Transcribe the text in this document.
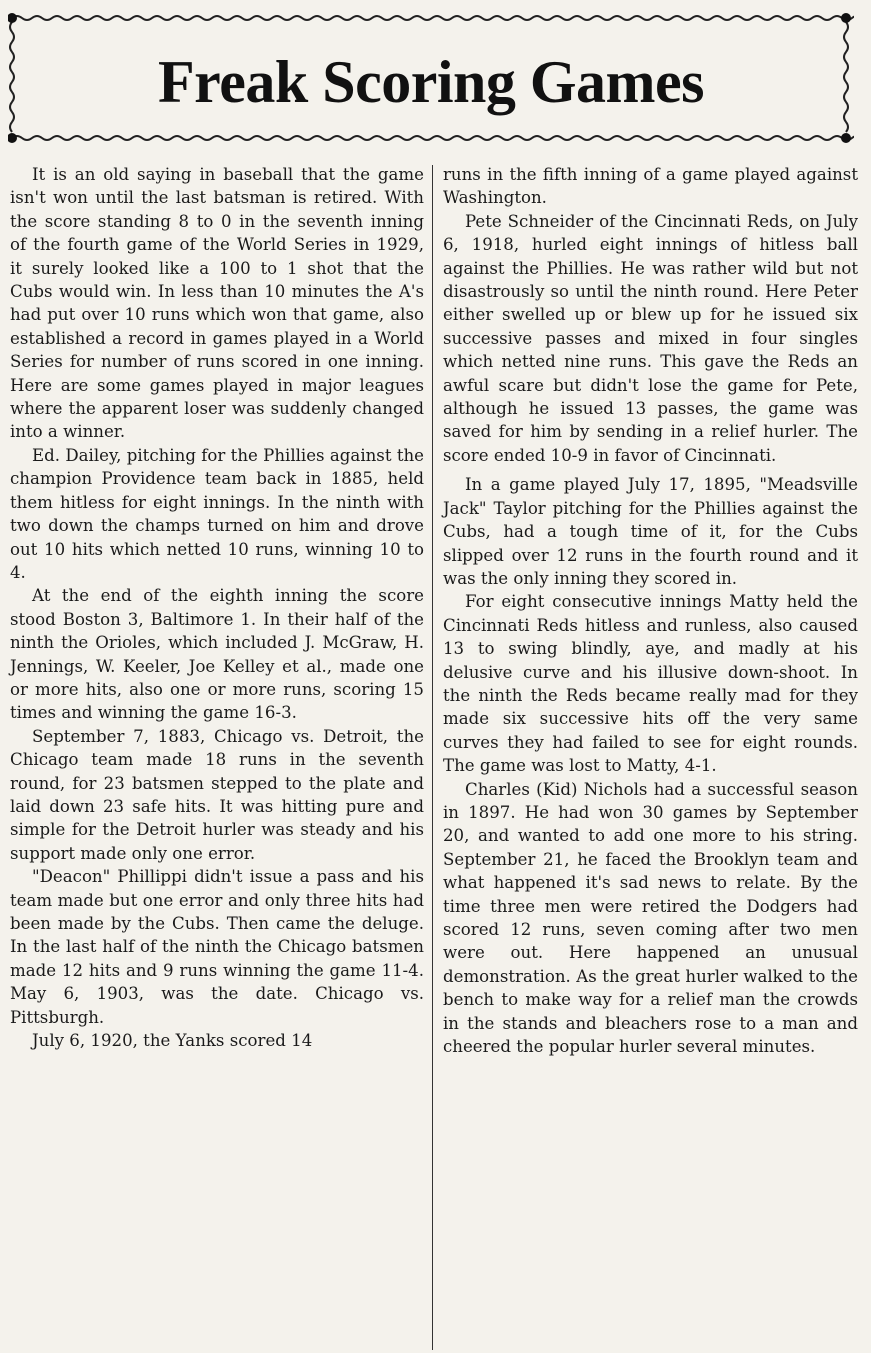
Freak Scoring Games

It is an old saying in baseball that the game isn't won until the last batsman is retired. With the score standing 8 to 0 in the seventh inning of the fourth game of the World Series in 1929, it surely looked like a 100 to 1 shot that the Cubs would win. In less than 10 minutes the A's had put over 10 runs which won that game, also established a record in games played in a World Series for number of runs scored in one inning. Here are some games played in major leagues where the apparent loser was suddenly changed into a winner.

Ed. Dailey, pitching for the Phillies against the champion Providence team back in 1885, held them hitless for eight innings. In the ninth with two down the champs turned on him and drove out 10 hits which netted 10 runs, winning 10 to 4.

At the end of the eighth inning the score stood Boston 3, Baltimore 1. In their half of the ninth the Orioles, which included J. McGraw, H. Jennings, W. Keeler, Joe Kelley et al., made one or more hits, also one or more runs, scoring 15 times and winning the game 16-3.

September 7, 1883, Chicago vs. Detroit, the Chicago team made 18 runs in the seventh round, for 23 batsmen stepped to the plate and laid down 23 safe hits. It was hitting pure and simple for the Detroit hurler was steady and his support made only one error.

"Deacon" Phillippi didn't issue a pass and his team made but one error and only three hits had been made by the Cubs. Then came the deluge. In the last half of the ninth the Chicago batsmen made 12 hits and 9 runs winning the game 11-4. May 6, 1903, was the date. Chicago vs. Pittsburgh.

July 6, 1920, the Yanks scored 14

runs in the fifth inning of a game played against Washington.

Pete Schneider of the Cincinnati Reds, on July 6, 1918, hurled eight innings of hitless ball against the Phillies. He was rather wild but not disastrously so until the ninth round. Here Peter either swelled up or blew up for he issued six successive passes and mixed in four singles which netted nine runs. This gave the Reds an awful scare but didn't lose the game for Pete, although he issued 13 passes, the game was saved for him by sending in a relief hurler. The score ended 10-9 in favor of Cincinnati.

In a game played July 17, 1895, "Meadsville Jack" Taylor pitching for the Phillies against the Cubs, had a tough time of it, for the Cubs slipped over 12 runs in the fourth round and it was the only inning they scored in.

For eight consecutive innings Matty held the Cincinnati Reds hitless and runless, also caused 13 to swing blindly, aye, and madly at his delusive curve and his illusive down-shoot. In the ninth the Reds became really mad for they made six successive hits off the very same curves they had failed to see for eight rounds. The game was lost to Matty, 4-1.

Charles (Kid) Nichols had a successful season in 1897. He had won 30 games by September 20, and wanted to add one more to his string. September 21, he faced the Brooklyn team and what happened it's sad news to relate. By the time three men were retired the Dodgers had scored 12 runs, seven coming after two men were out. Here happened an unusual demonstration. As the great hurler walked to the bench to make way for a relief man the crowds in the stands and bleachers rose to a man and cheered the popular hurler several minutes.
